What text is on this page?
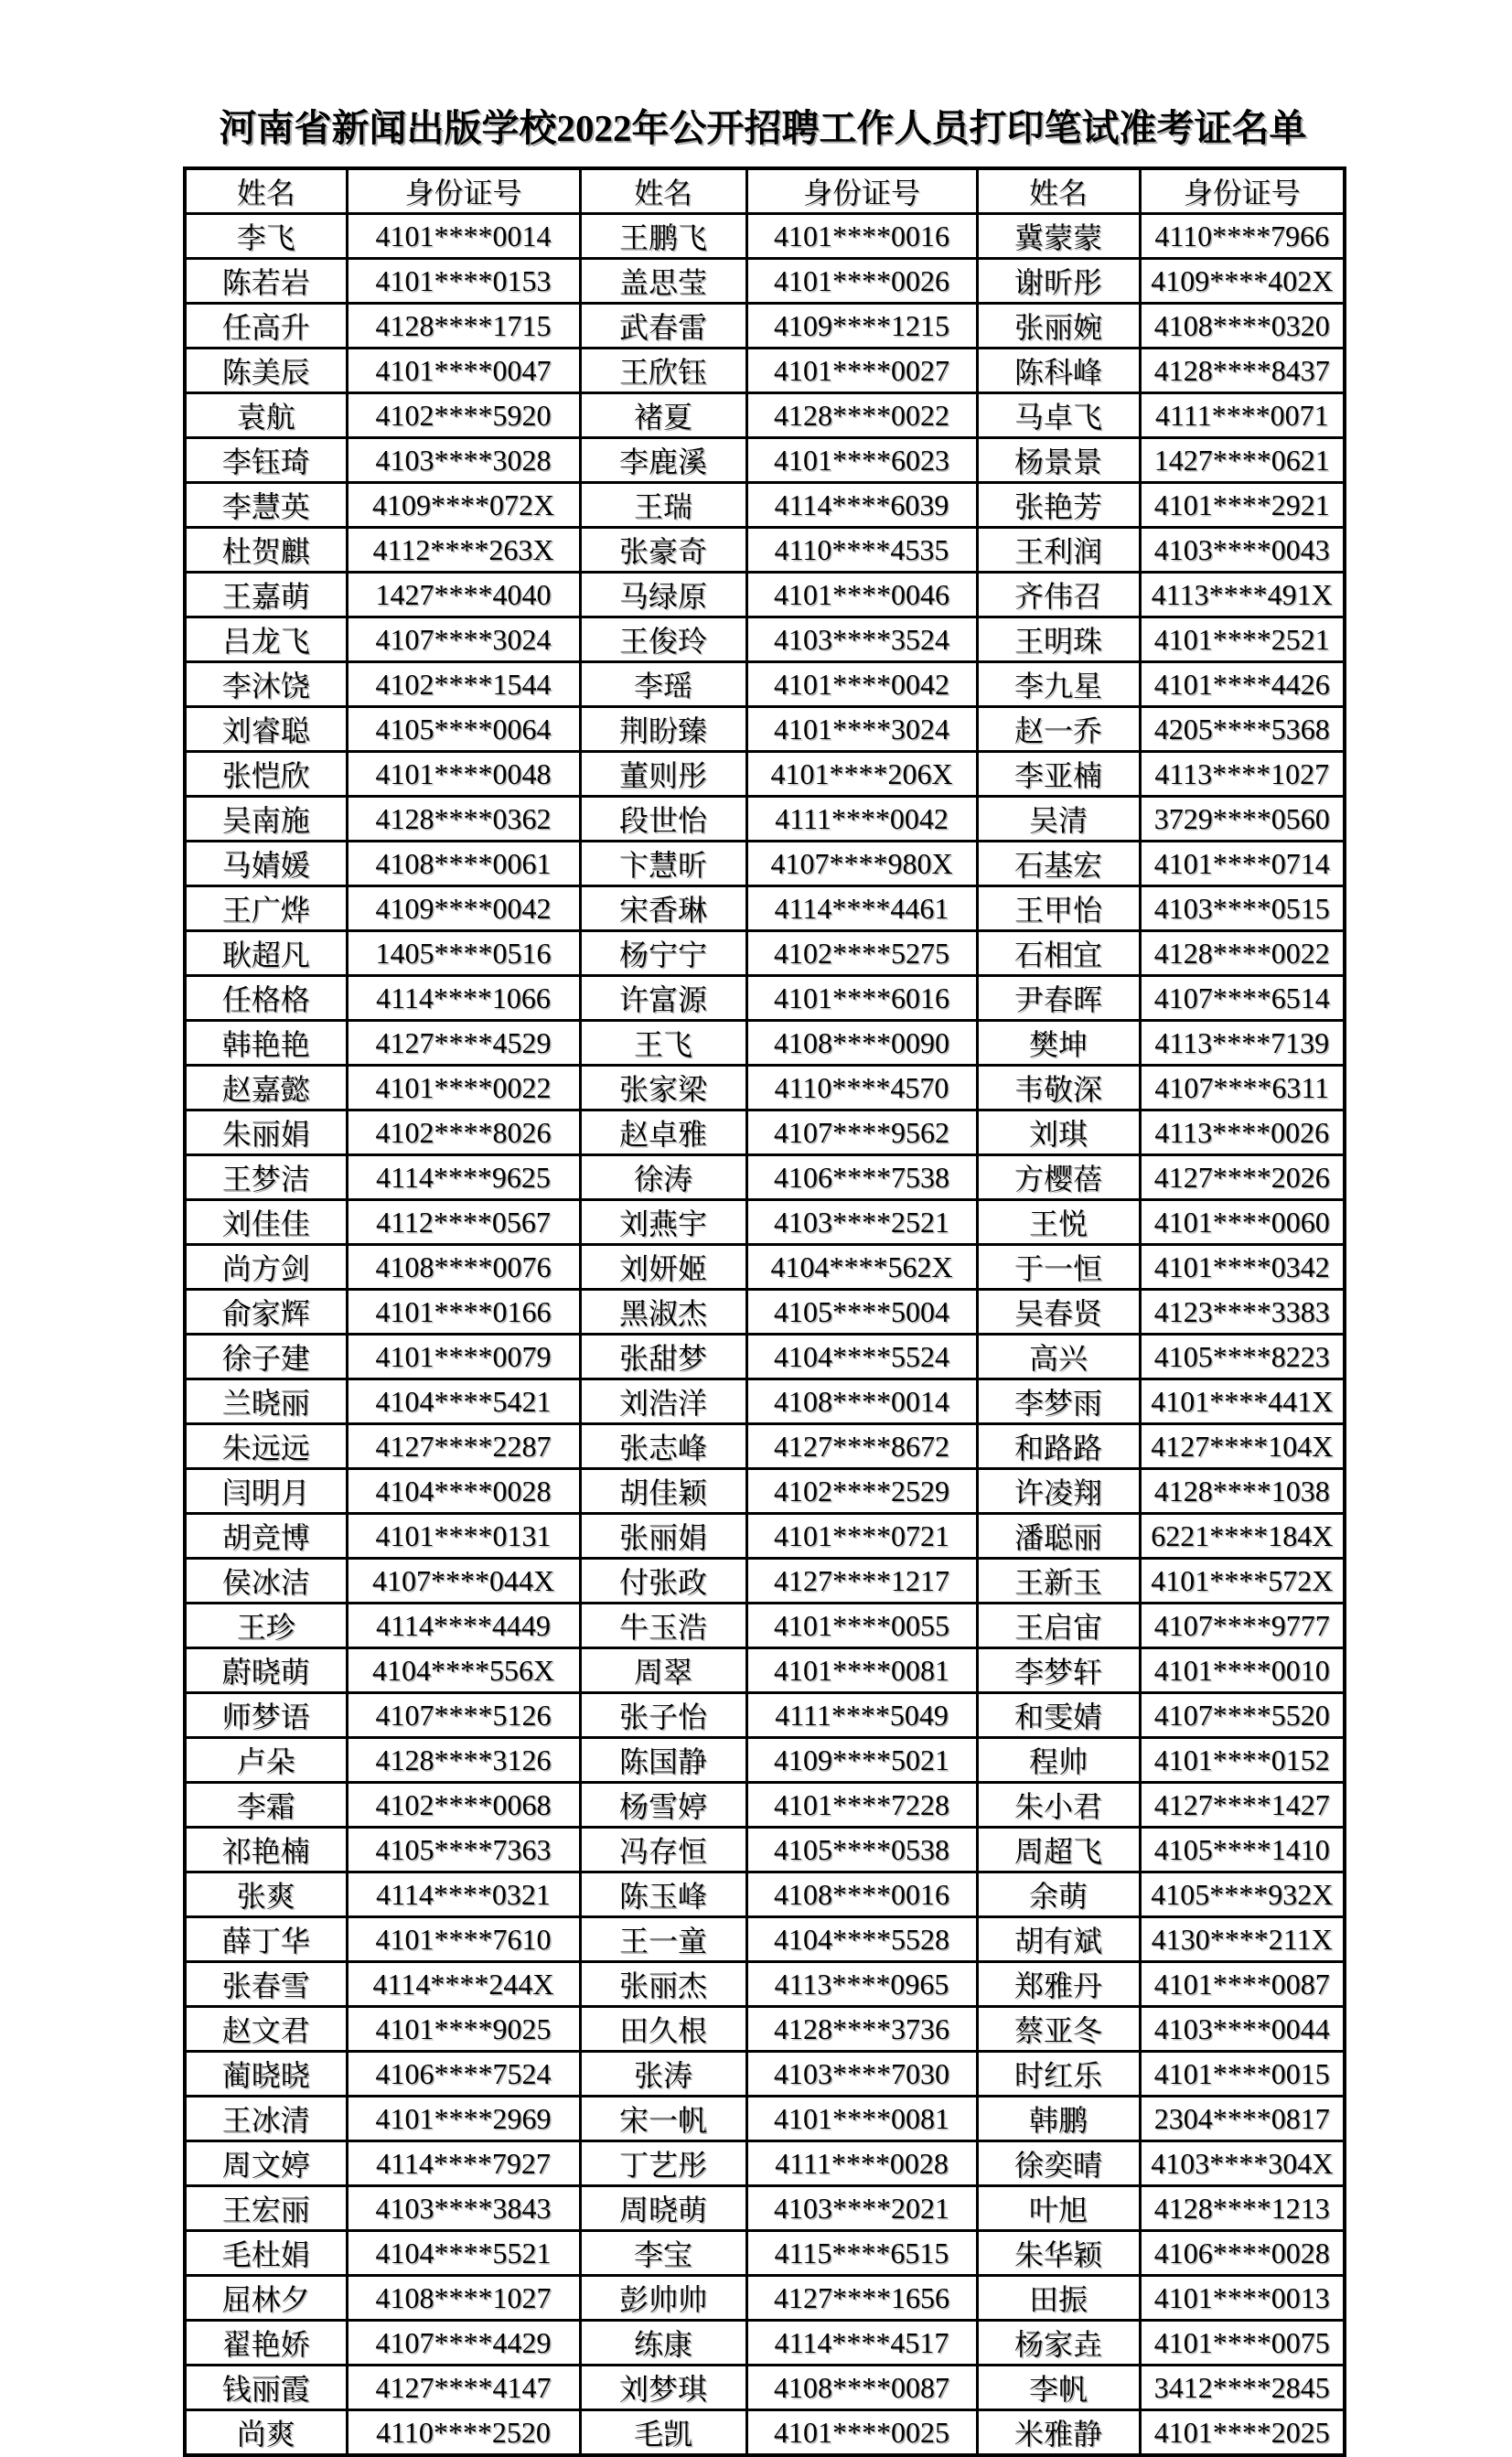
河南省新闻出版学校2022年公开招聘工作人员打印笔试准考证名单
姓名	身份证号	姓名	身份证号	姓名	身份证号
李飞	4101****0014	王鹏飞	4101****0016	冀蒙蒙	4110****7966
陈若岩	4101****0153	盖思莹	4101****0026	谢昕彤	4109****402X
任高升	4128****1715	武春雷	4109****1215	张丽婉	4108****0320
陈美辰	4101****0047	王欣钰	4101****0027	陈科峰	4128****8437
袁航	4102****5920	褚夏	4128****0022	马卓飞	4111****0071
李钰琦	4103****3028	李鹿溪	4101****6023	杨景景	1427****0621
李慧英	4109****072X	王瑞	4114****6039	张艳芳	4101****2921
杜贺麒	4112****263X	张豪奇	4110****4535	王利润	4103****0043
王嘉萌	1427****4040	马绿原	4101****0046	齐伟召	4113****491X
吕龙飞	4107****3024	王俊玲	4103****3524	王明珠	4101****2521
李沐饶	4102****1544	李瑶	4101****0042	李九星	4101****4426
刘睿聪	4105****0064	荆盼臻	4101****3024	赵一乔	4205****5368
张恺欣	4101****0048	董则彤	4101****206X	李亚楠	4113****1027
吴南施	4128****0362	段世怡	4111****0042	吴清	3729****0560
马婧媛	4108****0061	卞慧昕	4107****980X	石基宏	4101****0714
王广烨	4109****0042	宋香琳	4114****4461	王甲怡	4103****0515
耿超凡	1405****0516	杨宁宁	4102****5275	石相宜	4128****0022
任格格	4114****1066	许富源	4101****6016	尹春晖	4107****6514
韩艳艳	4127****4529	王飞	4108****0090	樊坤	4113****7139
赵嘉懿	4101****0022	张家梁	4110****4570	韦敬深	4107****6311
朱丽娟	4102****8026	赵卓雅	4107****9562	刘琪	4113****0026
王梦洁	4114****9625	徐涛	4106****7538	方樱蓓	4127****2026
刘佳佳	4112****0567	刘燕宇	4103****2521	王悦	4101****0060
尚方剑	4108****0076	刘妍姬	4104****562X	于一恒	4101****0342
俞家辉	4101****0166	黑淑杰	4105****5004	吴春贤	4123****3383
徐子建	4101****0079	张甜梦	4104****5524	高兴	4105****8223
兰晓丽	4104****5421	刘浩洋	4108****0014	李梦雨	4101****441X
朱远远	4127****2287	张志峰	4127****8672	和路路	4127****104X
闫明月	4104****0028	胡佳颖	4102****2529	许凌翔	4128****1038
胡竞博	4101****0131	张丽娟	4101****0721	潘聪丽	6221****184X
侯冰洁	4107****044X	付张政	4127****1217	王新玉	4101****572X
王珍	4114****4449	牛玉浩	4101****0055	王启宙	4107****9777
蔚晓萌	4104****556X	周翠	4101****0081	李梦轩	4101****0010
师梦语	4107****5126	张子怡	4111****5049	和雯婧	4107****5520
卢朵	4128****3126	陈国静	4109****5021	程帅	4101****0152
李霜	4102****0068	杨雪婷	4101****7228	朱小君	4127****1427
祁艳楠	4105****7363	冯存恒	4105****0538	周超飞	4105****1410
张爽	4114****0321	陈玉峰	4108****0016	余萌	4105****932X
薛丁华	4101****7610	王一童	4104****5528	胡有斌	4130****211X
张春雪	4114****244X	张丽杰	4113****0965	郑雅丹	4101****0087
赵文君	4101****9025	田久根	4128****3736	蔡亚冬	4103****0044
蔺晓晓	4106****7524	张涛	4103****7030	时红乐	4101****0015
王冰清	4101****2969	宋一帆	4101****0081	韩鹏	2304****0817
周文婷	4114****7927	丁艺彤	4111****0028	徐奕晴	4103****304X
王宏丽	4103****3843	周晓萌	4103****2021	叶旭	4128****1213
毛杜娟	4104****5521	李宝	4115****6515	朱华颖	4106****0028
屈林夕	4108****1027	彭帅帅	4127****1656	田振	4101****0013
翟艳娇	4107****4429	练康	4114****4517	杨家垚	4101****0075
钱丽霞	4127****4147	刘梦琪	4108****0087	李帆	3412****2845
尚爽	4110****2520	毛凯	4101****0025	米雅静	4101****2025
